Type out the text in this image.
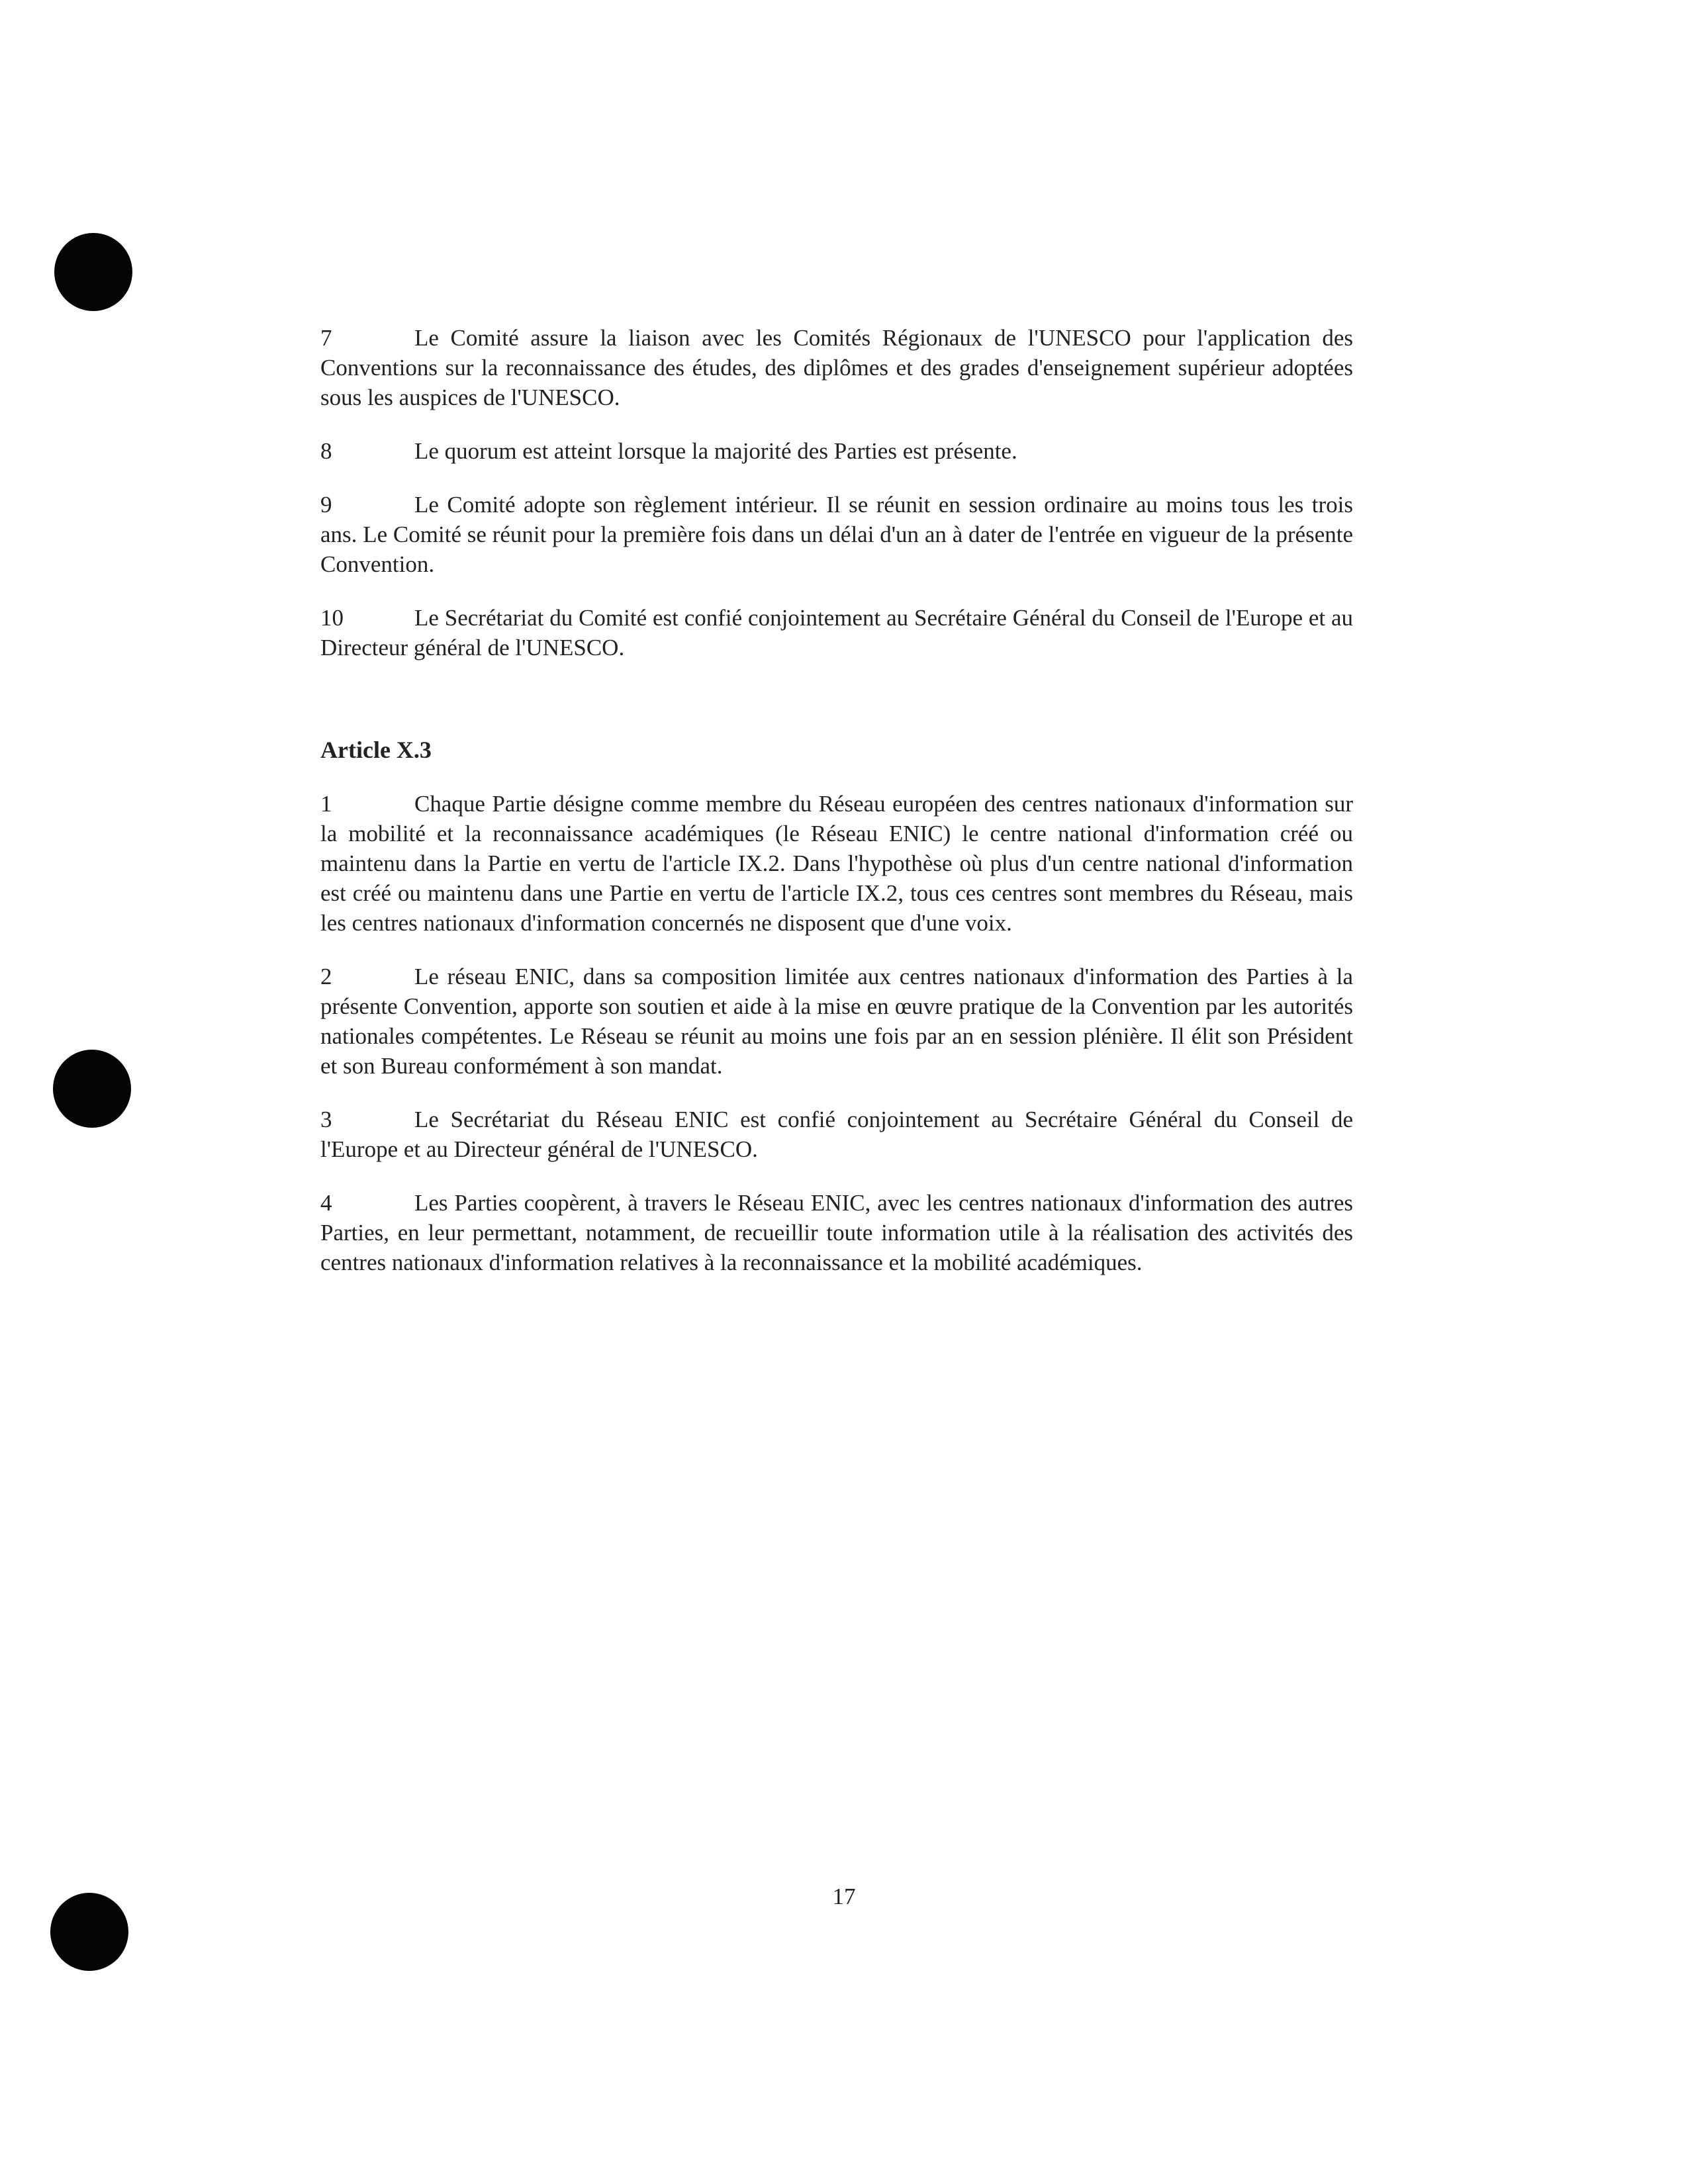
7	Le Comité assure la liaison avec les Comités Régionaux de l'UNESCO pour l'application des Conventions sur la reconnaissance des études, des diplômes et des grades d'enseignement supérieur adoptées sous les auspices de l'UNESCO.
8	Le quorum est atteint lorsque la majorité des Parties est présente.
9	Le Comité adopte son règlement intérieur. Il se réunit en session ordinaire au moins tous les trois ans. Le Comité se réunit pour la première fois dans un délai d'un an à dater de l'entrée en vigueur de la présente Convention.
10	Le Secrétariat du Comité est confié conjointement au Secrétaire Général du Conseil de l'Europe et au Directeur général de l'UNESCO.
Article X.3
1	Chaque Partie désigne comme membre du Réseau européen des centres nationaux d'information sur la mobilité et la reconnaissance académiques (le Réseau ENIC) le centre national d'information créé ou maintenu dans la Partie en vertu de l'article IX.2. Dans l'hypothèse où plus d'un centre national d'information est créé ou maintenu dans une Partie en vertu de l'article IX.2, tous ces centres sont membres du Réseau, mais les centres nationaux d'information concernés ne disposent que d'une voix.
2	Le réseau ENIC, dans sa composition limitée aux centres nationaux d'information des Parties à la présente Convention, apporte son soutien et aide à la mise en œuvre pratique de la Convention par les autorités nationales compétentes. Le Réseau se réunit au moins une fois par an en session plénière. Il élit son Président et son Bureau conformément à son mandat.
3	Le Secrétariat du Réseau ENIC est confié conjointement au Secrétaire Général du Conseil de l'Europe et au Directeur général de l'UNESCO.
4	Les Parties coopèrent, à travers le Réseau ENIC, avec les centres nationaux d'information des autres Parties, en leur permettant, notamment, de recueillir toute information utile à la réalisation des activités des centres nationaux d'information relatives à la reconnaissance et la mobilité académiques.
17
